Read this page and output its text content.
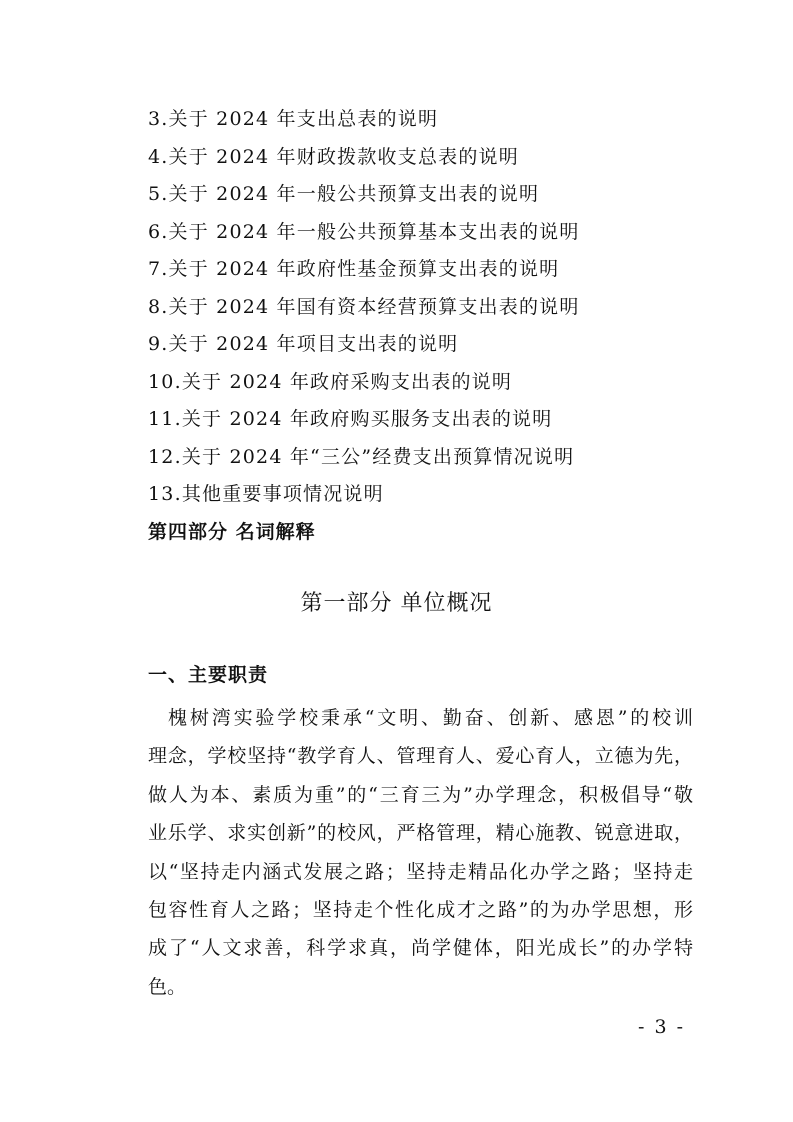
3.关于 2024 年支出总表的说明
4.关于 2024 年财政拨款收支总表的说明
5.关于 2024 年一般公共预算支出表的说明
6.关于 2024 年一般公共预算基本支出表的说明
7.关于 2024 年政府性基金预算支出表的说明
8.关于 2024 年国有资本经营预算支出表的说明
9.关于 2024 年项目支出表的说明
10.关于 2024 年政府采购支出表的说明
11.关于 2024 年政府购买服务支出表的说明
12.关于 2024 年“三公”经费支出预算情况说明
13.其他重要事项情况说明
第四部分 名词解释
第一部分 单位概况
一、主要职责
槐树湾实验学校秉承“文明、勤奋、创新、感恩”的校训
理念，学校坚持“教学育人、管理育人、爱心育人，立德为先，
做人为本、素质为重”的“三育三为”办学理念，积极倡导“敬
业乐学、求实创新”的校风，严格管理，精心施教、锐意进取，
以“坚持走内涵式发展之路；坚持走精品化办学之路；坚持走
包容性育人之路；坚持走个性化成才之路”的为办学思想，形
成了“人文求善，科学求真，尚学健体，阳光成长”的办学特
色。
- 3 -
